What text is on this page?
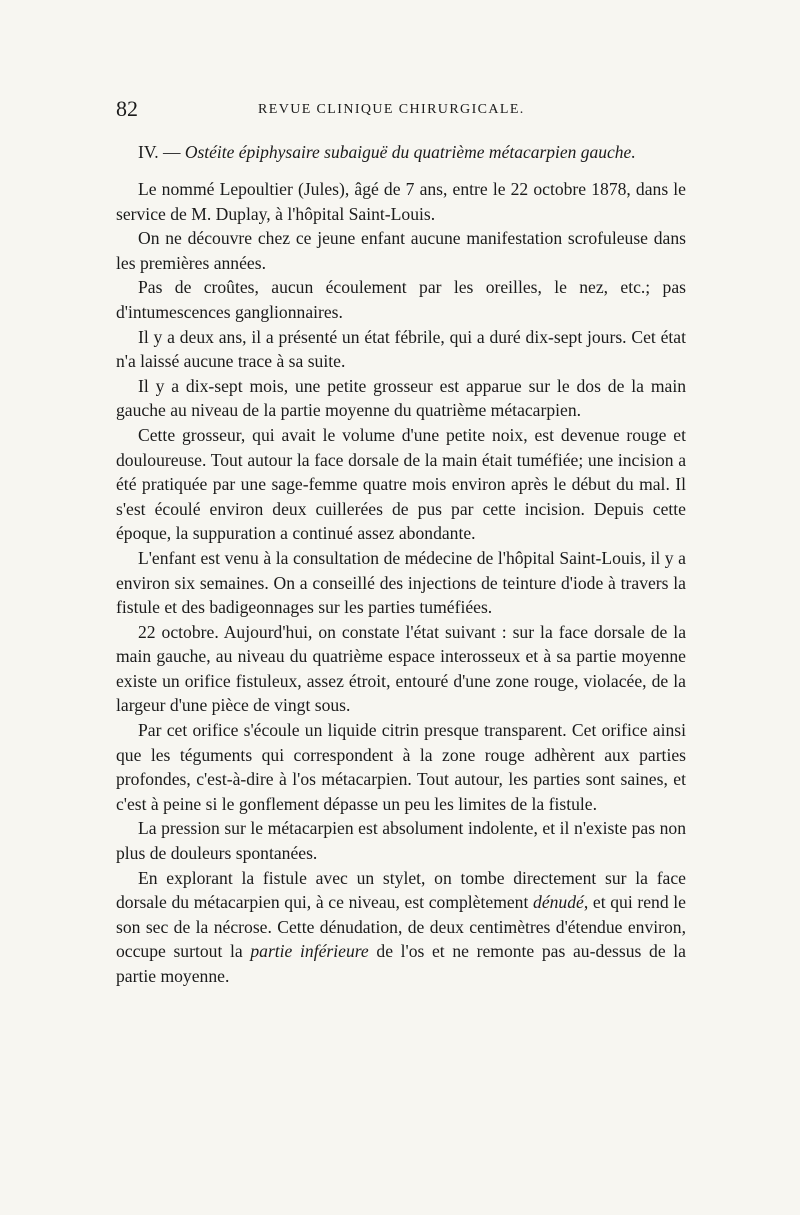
82	REVUE CLINIQUE CHIRURGICALE.
IV. — Ostéite épiphysaire subaiguë du quatrième métacarpien gauche.

Le nommé Lepoultier (Jules), âgé de 7 ans, entre le 22 octobre 1878, dans le service de M. Duplay, à l'hôpital Saint-Louis.

On ne découvre chez ce jeune enfant aucune manifestation scrofuleuse dans les premières années.

Pas de croûtes, aucun écoulement par les oreilles, le nez, etc.; pas d'intumescences ganglionnaires.

Il y a deux ans, il a présenté un état fébrile, qui a duré dix-sept jours. Cet état n'a laissé aucune trace à sa suite.

Il y a dix-sept mois, une petite grosseur est apparue sur le dos de la main gauche au niveau de la partie moyenne du quatrième métacarpien.

Cette grosseur, qui avait le volume d'une petite noix, est devenue rouge et douloureuse. Tout autour la face dorsale de la main était tuméfiée; une incision a été pratiquée par une sage-femme quatre mois environ après le début du mal. Il s'est écoulé environ deux cuillerées de pus par cette incision. Depuis cette époque, la suppuration a continué assez abondante.

L'enfant est venu à la consultation de médecine de l'hôpital Saint-Louis, il y a environ six semaines. On a conseillé des injections de teinture d'iode à travers la fistule et des badigeonnages sur les parties tuméfiées.

22 octobre. Aujourd'hui, on constate l'état suivant : sur la face dorsale de la main gauche, au niveau du quatrième espace interosseux et à sa partie moyenne existe un orifice fistuleux, assez étroit, entouré d'une zone rouge, violacée, de la largeur d'une pièce de vingt sous.

Par cet orifice s'écoule un liquide citrin presque transparent. Cet orifice ainsi que les téguments qui correspondent à la zone rouge adhèrent aux parties profondes, c'est-à-dire à l'os métacarpien. Tout autour, les parties sont saines, et c'est à peine si le gonflement dépasse un peu les limites de la fistule.

La pression sur le métacarpien est absolument indolente, et il n'existe pas non plus de douleurs spontanées.

En explorant la fistule avec un stylet, on tombe directement sur la face dorsale du métacarpien qui, à ce niveau, est complètement dénudé, et qui rend le son sec de la nécrose. Cette dénudation, de deux centimètres d'étendue environ, occupe surtout la partie inférieure de l'os et ne remonte pas au-dessus de la partie moyenne.
